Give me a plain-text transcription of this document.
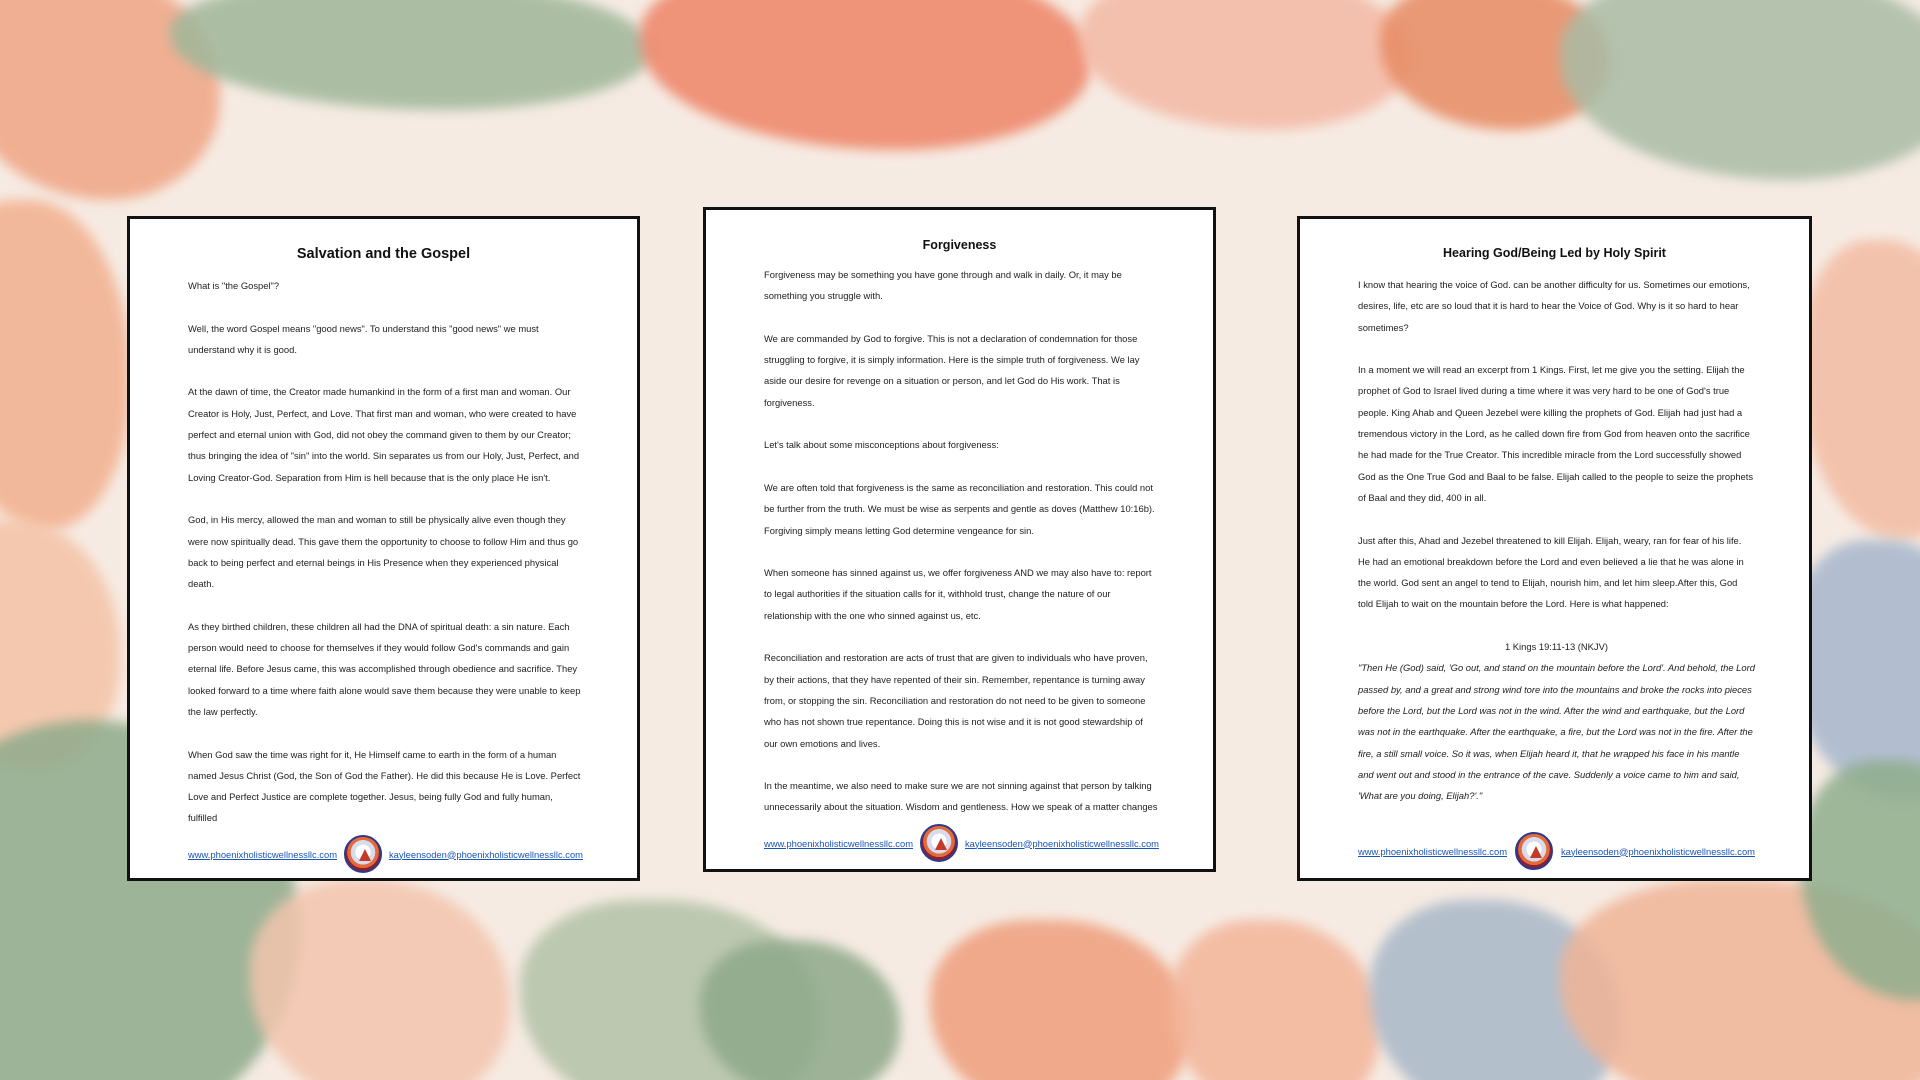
Salvation and the Gospel

What is "the Gospel"?

Well, the word Gospel means "good news". To understand this "good news" we must understand why it is good.

At the dawn of time, the Creator made humankind in the form of a first man and woman. Our Creator is Holy, Just, Perfect, and Love. That first man and woman, who were created to have perfect and eternal union with God, did not obey the command given to them by our Creator; thus bringing the idea of "sin" into the world. Sin separates us from our Holy, Just, Perfect, and Loving Creator-God. Separation from Him is hell because that is the only place He isn't.

God, in His mercy, allowed the man and woman to still be physically alive even though they were now spiritually dead. This gave them the opportunity to choose to follow Him and thus go back to being perfect and eternal beings in His Presence when they experienced physical death.

As they birthed children, these children all had the DNA of spiritual death: a sin nature. Each person would need to choose for themselves if they would follow God's commands and gain eternal life. Before Jesus came, this was accomplished through obedience and sacrifice. They looked forward to a time where faith alone would save them because they were unable to keep the law perfectly.

When God saw the time was right for it, He Himself came to earth in the form of a human named Jesus Christ (God, the Son of God the Father). He did this because He is Love. Perfect Love and Perfect Justice are complete together. Jesus, being fully God and fully human, fulfilled

www.phoenixholisticwellnessllc.com	kayleensoden@phoenixholisticwellnessllc.com
Forgiveness

Forgiveness may be something you have gone through and walk in daily. Or, it may be something you struggle with.

We are commanded by God to forgive. This is not a declaration of condemnation for those struggling to forgive, it is simply information. Here is the simple truth of forgiveness. We lay aside our desire for revenge on a situation or person, and let God do His work. That is forgiveness.

Let's talk about some misconceptions about forgiveness:

We are often told that forgiveness is the same as reconciliation and restoration. This could not be further from the truth. We must be wise as serpents and gentle as doves (Matthew 10:16b). Forgiving simply means letting God determine vengeance for sin.

When someone has sinned against us, we offer forgiveness AND we may also have to: report to legal authorities if the situation calls for it, withhold trust, change the nature of our relationship with the one who sinned against us, etc.

Reconciliation and restoration are acts of trust that are given to individuals who have proven, by their actions, that they have repented of their sin. Remember, repentance is turning away from, or stopping the sin. Reconciliation and restoration do not need to be given to someone who has not shown true repentance. Doing this is not wise and it is not good stewardship of our own emotions and lives.

In the meantime, we also need to make sure we are not sinning against that person by talking unnecessarily about the situation. Wisdom and gentleness. How we speak of a matter changes

www.phoenixholisticwellnessllc.com	kayleensoden@phoenixholisticwellnessllc.com
Hearing God/Being Led by Holy Spirit

I know that hearing the voice of God. can be another difficulty for us. Sometimes our emotions, desires, life, etc are so loud that it is hard to hear the Voice of God. Why is it so hard to hear sometimes?

In a moment we will read an excerpt from 1 Kings. First, let me give you the setting. Elijah the prophet of God to Israel lived during a time where it was very hard to be one of God's true people. King Ahab and Queen Jezebel were killing the prophets of God. Elijah had just had a tremendous victory in the Lord, as he called down fire from God from heaven onto the sacrifice he had made for the True Creator. This incredible miracle from the Lord successfully showed God as the One True God and Baal to be false. Elijah called to the people to seize the prophets of Baal and they did, 400 in all.

Just after this, Ahad and Jezebel threatened to kill Elijah. Elijah, weary, ran for fear of his life. He had an emotional breakdown before the Lord and even believed a lie that he was alone in the world. God sent an angel to tend to Elijah, nourish him, and let him sleep.After this, God told Elijah to wait on the mountain before the Lord. Here is what happened:

1 Kings 19:11-13 (NKJV)

"Then He (God) said, 'Go out, and stand on the mountain before the Lord'. And behold, the Lord passed by, and a great and strong wind tore into the mountains and broke the rocks into pieces before the Lord, but the Lord was not in the wind. After the wind and earthquake, but the Lord was not in the earthquake. After the earthquake, a fire, but the Lord was not in the fire. After the fire, a still small voice. So it was, when Elijah heard it, that he wrapped his face in his mantle and went out and stood in the entrance of the cave. Suddenly a voice came to him and said, 'What are you doing, Elijah?'."

www.phoenixholisticwellnessllc.com	kayleensoden@phoenixholisticwellnessllc.com
